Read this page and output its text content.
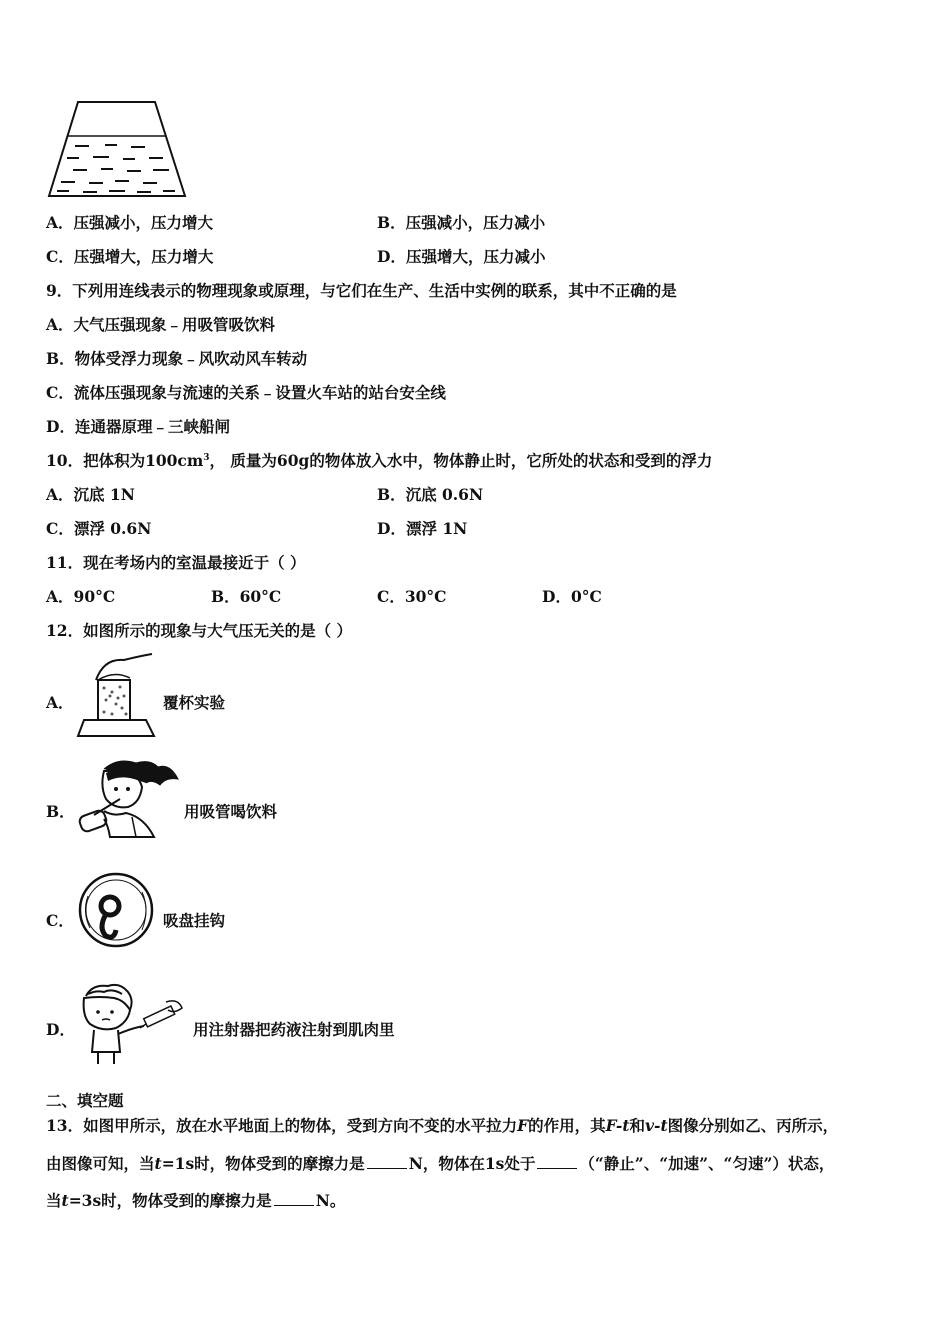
A．压强减小，压力增大	B．压强减小，压力减小
C．压强增大，压力增大	D．压强增大，压力减小
9．下列用连线表示的物理现象或原理，与它们在生产、生活中实例的联系，其中不正确的是
A．大气压强现象﹣用吸管吸饮料
B．物体受浮力现象﹣风吹动风车转动
C．流体压强现象与流速的关系﹣设置火车站的站台安全线
D．连通器原理﹣三峡船闸
10．把体积为$100cm^3$， 质量为60g的物体放入水中，物体静止时，它所处的状态和受到的浮力
A．沉底 1N	B．沉底 0.6N
C．漂浮 0.6N	D．漂浮 1N
11．现在考场内的室温最接近于（ ）
A．90°C	B．60°C	C．30°C	D．0°C
12．如图所示的现象与大气压无关的是（ ）
A．	覆杯实验
B．	用吸管喝饮料
C．	吸盘挂钩
D．	用注射器把药液注射到肌肉里
二、填空题
13．如图甲所示，放在水平地面上的物体，受到方向不变的水平拉力F的作用，其F-t和v-t图像分别如乙、丙所示，
由图像可知，当t=1s时，物体受到的摩擦力是	N，物体在1s处于	（“静止”、“加速”、“匀速”）状态，
当t=3s时，物体受到的摩擦力是	N。
